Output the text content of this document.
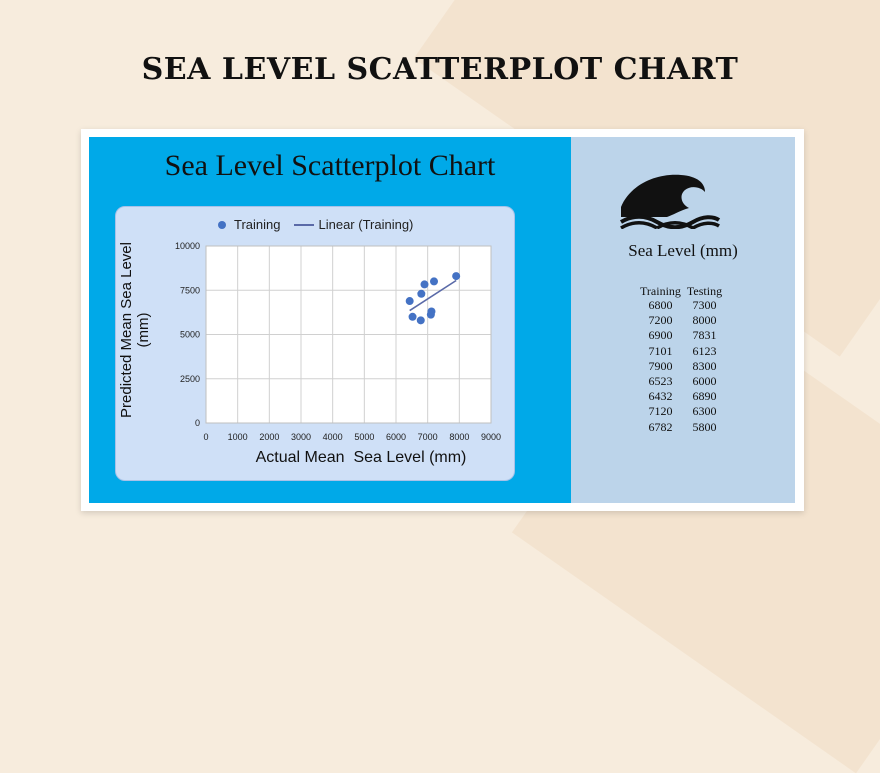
SEA LEVEL SCATTERPLOT CHART
Sea Level Scatterplot Chart
0 1000 2000 3000 4000 5000 6000 7000 8000 9000
0
2500
5000
7500
10000
Training	Linear (Training)
Predicted Mean Sea Level (mm)
Actual Mean  Sea Level (mm)
Sea Level (mm)
Training	Testing
6800	7300
7200	8000
6900	7831
7101	6123
7900	8300
6523	6000
6432	6890
7120	6300
6782	5800
